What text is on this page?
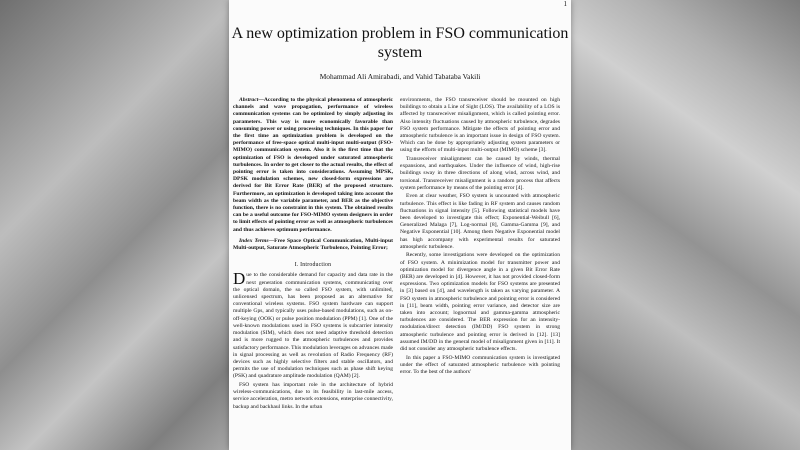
1
A new optimization problem in FSO communication system
Mohammad Ali Amirabadi, and Vahid Tabataba Vakili

Abstract—According to the physical phenomena of atmospheric channels and wave propagation, performance of wireless communication systems can be optimized by simply adjusting its parameters. This way is more economically favorable than consuming power or using processing techniques. In this paper for the first time an optimization problem is developed on the performance of free-space optical multi-input multi-output (FSO-MIMO) communication system. Also it is the first time that the optimization of FSO is developed under saturated atmospheric turbulences. In order to get closer to the actual results, the effect of pointing error is taken into considerations. Assuming MPSK, DPSK modulation schemes, new closed-form expressions are derived for Bit Error Rate (BER) of the proposed structure. Furthermore, an optimization is developed taking into account the beam width as the variable parameter, and BER as the objective function, there is no constraint in this system. The obtained results can be a useful outcome for FSO-MIMO system designers in order to limit effects of pointing error as well as atmospheric turbulences and thus achieves optimum performance.

Index Terms—Free Space Optical Communication, Multi-input Multi-output, Saturate Atmospheric Turbulence, Pointing Error;

I. Introduction

Due to the considerable demand for capacity and data rate in the next generation communication systems, communicating over the optical domain, the so called FSO system, with unlimited, unlicensed spectrum, has been proposed as an alternative for conventional wireless systems. FSO system hardware can support multiple Gps, and typically uses pulse-based modulations, such as on-off-keying (OOK) or pulse position modulation (PPM) [1]. One of the well-known modulations used in FSO systems is subcarrier intensity modulation (SIM), which does not need adaptive threshold detection and is more rugged to the atmospheric turbulences and provides satisfactory performance. This modulation leverages on advances made in signal processing as well as revolution of Radio Frequency (RF) devices such as highly selective filters and stable oscillators, and permits the use of modulation techniques such as phase shift keying (PSK) and quadrature amplitude modulation (QAM) [2].

FSO system has important role in the architecture of hybrid wireless-communications, due to its feasibility in last-mile access, service acceleration, metro network extensions, enterprise connectivity, backup and backhaul links. In the urban

environments, the FSO transreceiver should be mounted on high buildings to obtain a Line of Sight (LOS). The availability of a LOS is affected by transreceiver misalignment, which is called pointing error. Also intensity fluctuations caused by atmospheric turbulence, degrades FSO system performance. Mitigate the effects of pointing error and atmospheric turbulence is an important issue in design of FSO system. Which can be done by appropriately adjusting system parameters or using the efforts of multi-input multi-output (MIMO) scheme [3].

Transreceiver misalignment can be caused by winds, thermal expansions, and earthquakes. Under the influence of wind, high-rise buildings sway in three directions of along wind, across wind, and torsional. Transreceiver misalignment is a random process that affects system performance by means of the pointing error [4].

Even at clear weather, FSO system is uncounted with atmospheric turbulence. This effect is like fading in RF system and causes random fluctuations in signal intensity [5]. Following statistical models have been developed to investigate this effect; Exponential-Weibull [6], Generalized Malaga [7], Log-normal [8], Gamma-Gamma [9], and Negative Exponential [10]. Among them Negative Exponential model has high accompany with experimental results for saturated atmospheric turbulence.

Recently, some investigations were developed on the optimization of FSO system. A minimization model for transmitter power and optimization model for divergence angle in a given Bit Error Rate (BER) are developed in [4]. However, it has not provided closed-form expressions. Two optimization models for FSO systems are presented in [3] based on [4], and wavelength is taken as varying parameter. A FSO system in atmospheric turbulence and pointing error is considered in [11], beam width, pointing error variance, and detector size are taken into account; lognormal and gamma-gamma atmospheric turbulences are considered. The BER expression for an intensity-modulation/direct detection (IM/DD) FSO system in strong atmospheric turbulence and pointing error is derived in [12]. [13] assumed IM/DD in the general model of misalignment given in [11]. It did not consider any atmospheric turbulence effects.

In this paper a FSO-MIMO communication system is investigated under the effect of saturated atmospheric turbulence with pointing error. To the best of the authors'
